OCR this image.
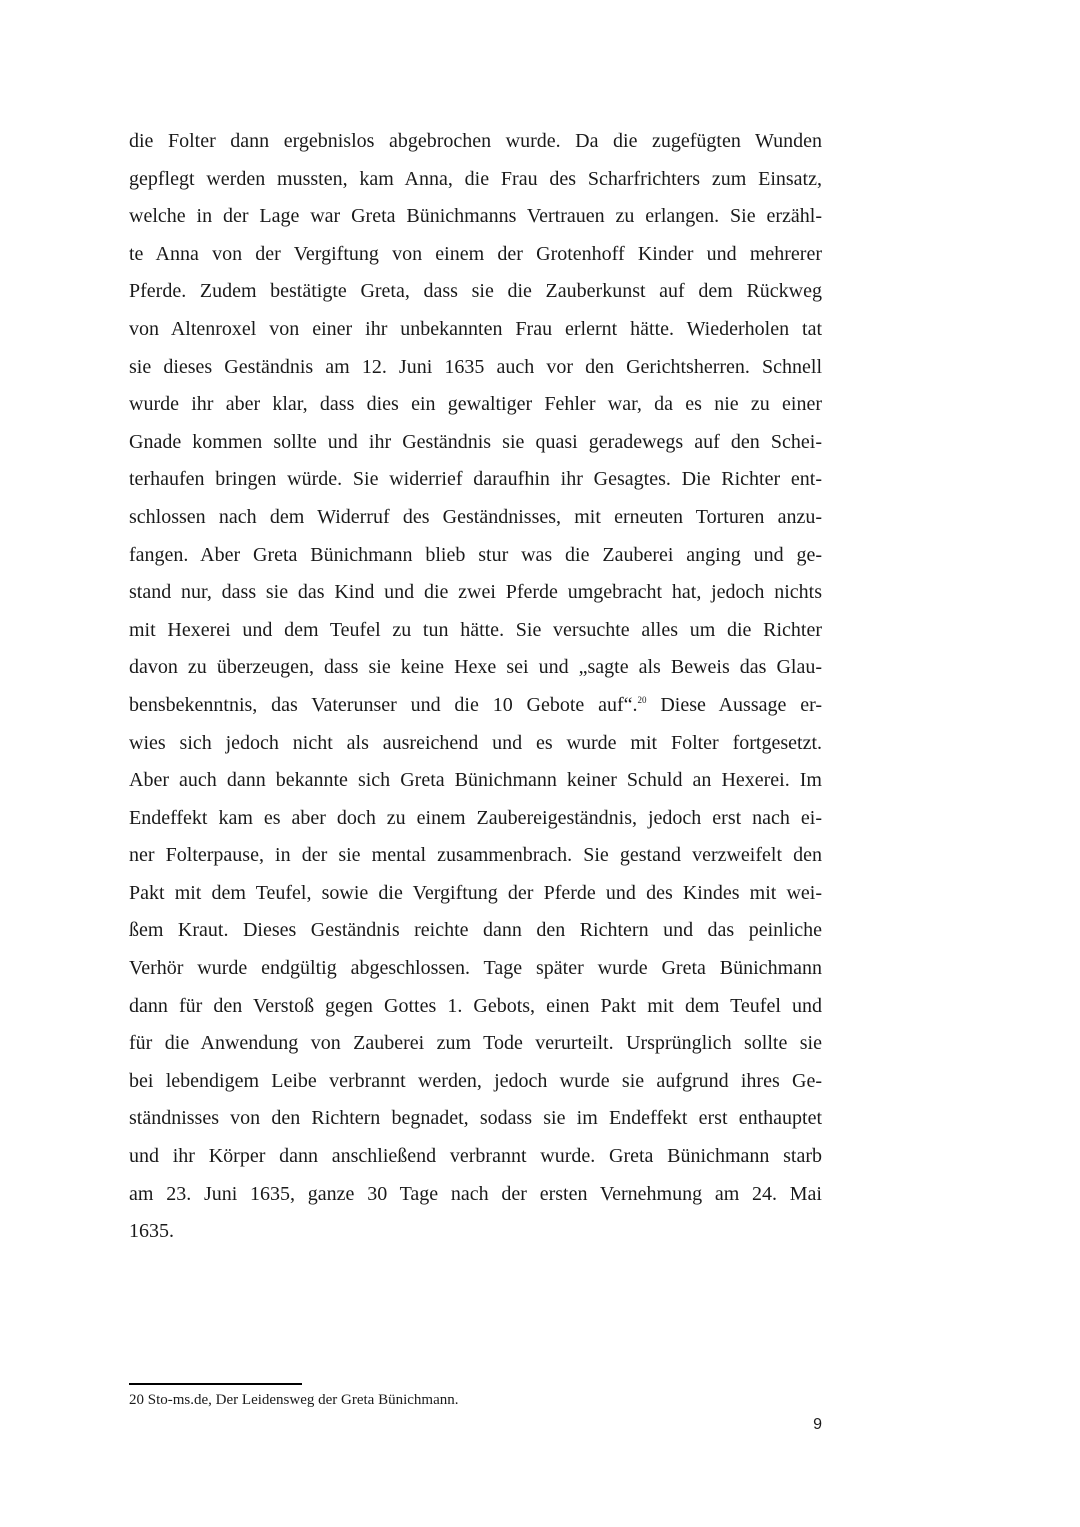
die Folter dann ergebnislos abgebrochen wurde. Da die zugefügten Wunden
gepflegt werden mussten, kam Anna, die Frau des Scharfrichters zum Einsatz,
welche in der Lage war Greta Bünichmanns Vertrauen zu erlangen. Sie erzähl-
te Anna von der Vergiftung von einem der Grotenhoff Kinder und mehrerer
Pferde. Zudem bestätigte Greta, dass sie die Zauberkunst auf dem Rückweg
von Altenroxel von einer ihr unbekannten Frau erlernt hätte. Wiederholen tat
sie dieses Geständnis am 12. Juni 1635 auch vor den Gerichtsherren. Schnell
wurde ihr aber klar, dass dies ein gewaltiger Fehler war, da es nie zu einer
Gnade kommen sollte und ihr Geständnis sie quasi geradewegs auf den Schei-
terhaufen bringen würde. Sie widerrief daraufhin ihr Gesagtes. Die Richter ent-
schlossen nach dem Widerruf des Geständnisses, mit erneuten Torturen anzu-
fangen. Aber Greta Bünichmann blieb stur was die Zauberei anging und ge-
stand nur, dass sie das Kind und die zwei Pferde umgebracht hat, jedoch nichts
mit Hexerei und dem Teufel zu tun hätte. Sie versuchte alles um die Richter
davon zu überzeugen, dass sie keine Hexe sei und „sagte als Beweis das Glau-
bensbekenntnis, das Vaterunser und die 10 Gebote auf“.$^{20}$ Diese Aussage er-
wies sich jedoch nicht als ausreichend und es wurde mit Folter fortgesetzt.
Aber auch dann bekannte sich Greta Bünichmann keiner Schuld an Hexerei. Im
Endeffekt kam es aber doch zu einem Zaubereigeständnis, jedoch erst nach ei-
ner Folterpause, in der sie mental zusammenbrach. Sie gestand verzweifelt den
Pakt mit dem Teufel, sowie die Vergiftung der Pferde und des Kindes mit wei-
ßem Kraut. Dieses Geständnis reichte dann den Richtern und das peinliche
Verhör wurde endgültig abgeschlossen. Tage später wurde Greta Bünichmann
dann für den Verstoß gegen Gottes 1. Gebots, einen Pakt mit dem Teufel und
für die Anwendung von Zauberei zum Tode verurteilt. Ursprünglich sollte sie
bei lebendigem Leibe verbrannt werden, jedoch wurde sie aufgrund ihres Ge-
ständnisses von den Richtern begnadet, sodass sie im Endeffekt erst enthauptet
und ihr Körper dann anschließend verbrannt wurde. Greta Bünichmann starb
am 23. Juni 1635, ganze 30 Tage nach der ersten Vernehmung am 24. Mai
1635.

20 Sto-ms.de, Der Leidensweg der Greta Bünichmann.

9
